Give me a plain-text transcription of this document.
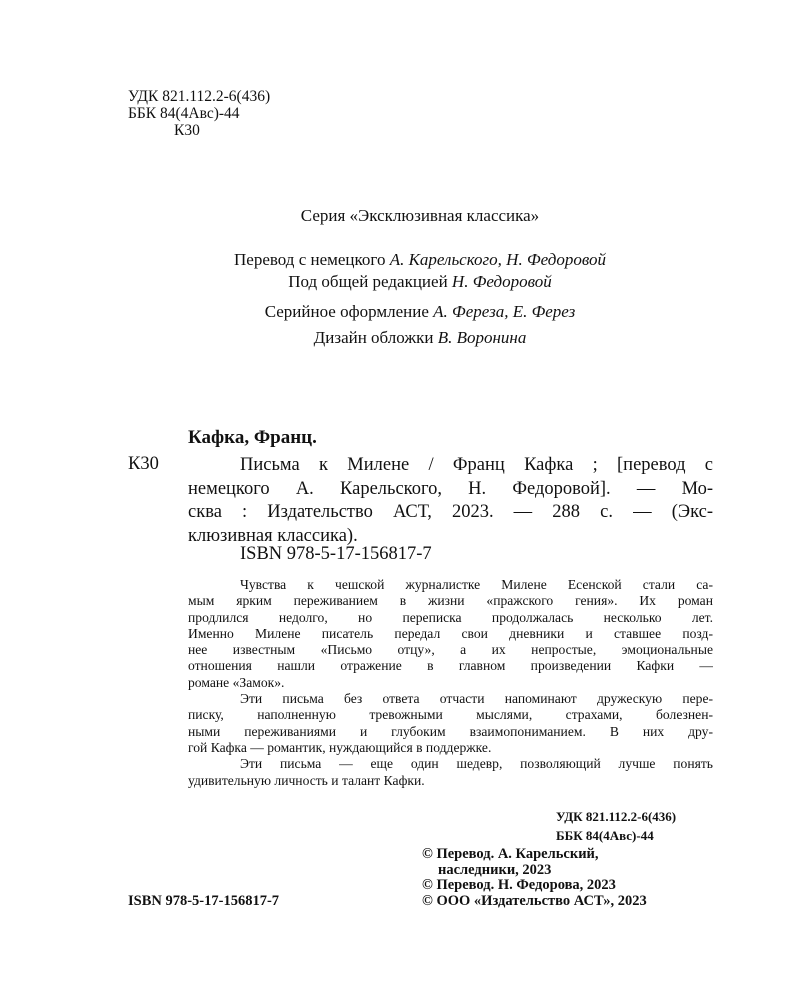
УДК 821.112.2-6(436)
ББК 84(4Авс)-44
К30
Серия «Эксклюзивная классика»
Перевод с немецкого А. Карельского, Н. Федоровой
Под общей редакцией Н. Федоровой
Серийное оформление А. Фереза, Е. Ферез
Дизайн обложки В. Воронина
Кафка, Франц.
К30	Письма к Милене / Франц Кафка ; [перевод с
немецкого А. Карельского, Н. Федоровой]. — Мо-
сква : Издательство АСТ, 2023. — 288 с. — (Экс-
клюзивная классика).
ISBN 978-5-17-156817-7
Чувства к чешской журналистке Милене Есенской стали са-
мым ярким переживанием в жизни «пражского гения». Их роман
продлился недолго, но переписка продолжалась несколько лет.
Именно Милене писатель передал свои дневники и ставшее позд-
нее известным «Письмо отцу», а их непростые, эмоциональные
отношения нашли отражение в главном произведении Кафки —
романе «Замок».
Эти письма без ответа отчасти напоминают дружескую пере-
писку, наполненную тревожными мыслями, страхами, болезнен-
ными переживаниями и глубоким взаимопониманием. В них дру-
гой Кафка — романтик, нуждающийся в поддержке.
Эти письма — еще один шедевр, позволяющий лучше понять
удивительную личность и талант Кафки.
УДК 821.112.2-6(436)
ББК 84(4Авс)-44
© Перевод. А. Карельский,
наследники, 2023
© Перевод. Н. Федорова, 2023
© ООО «Издательство АСТ», 2023
ISBN 978-5-17-156817-7
